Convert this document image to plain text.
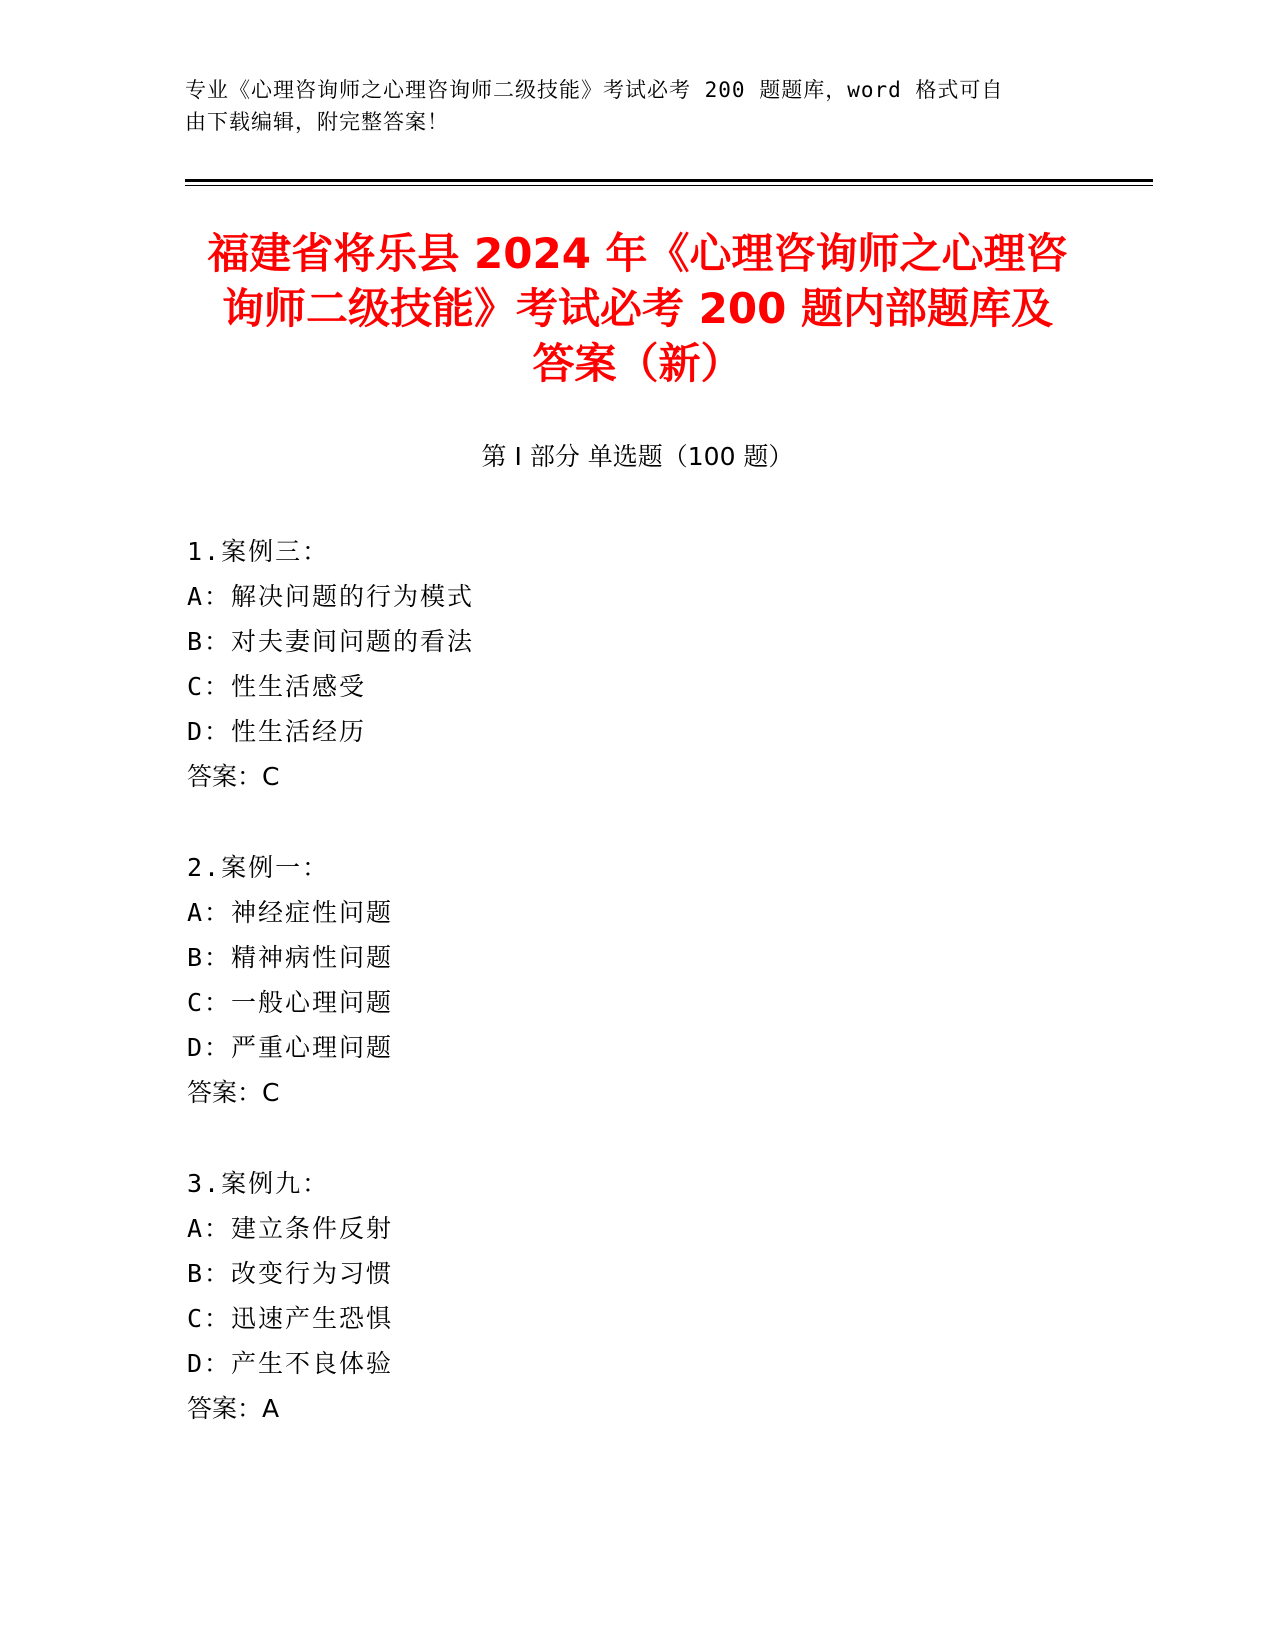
专业《心理咨询师之心理咨询师二级技能》考试必考 200 题题库，word 格式可自
由下载编辑，附完整答案！
福建省将乐县 2024 年《心理咨询师之心理咨
询师二级技能》考试必考 200 题内部题库及
答案（新）
第 I 部分 单选题（100 题）
1.案例三：
A：解决问题的行为模式
B：对夫妻间问题的看法
C：性生活感受
D：性生活经历
答案：C
2.案例一：
A：神经症性问题
B：精神病性问题
C：一般心理问题
D：严重心理问题
答案：C
3.案例九：
A：建立条件反射
B：改变行为习惯
C：迅速产生恐惧
D：产生不良体验
答案：A
